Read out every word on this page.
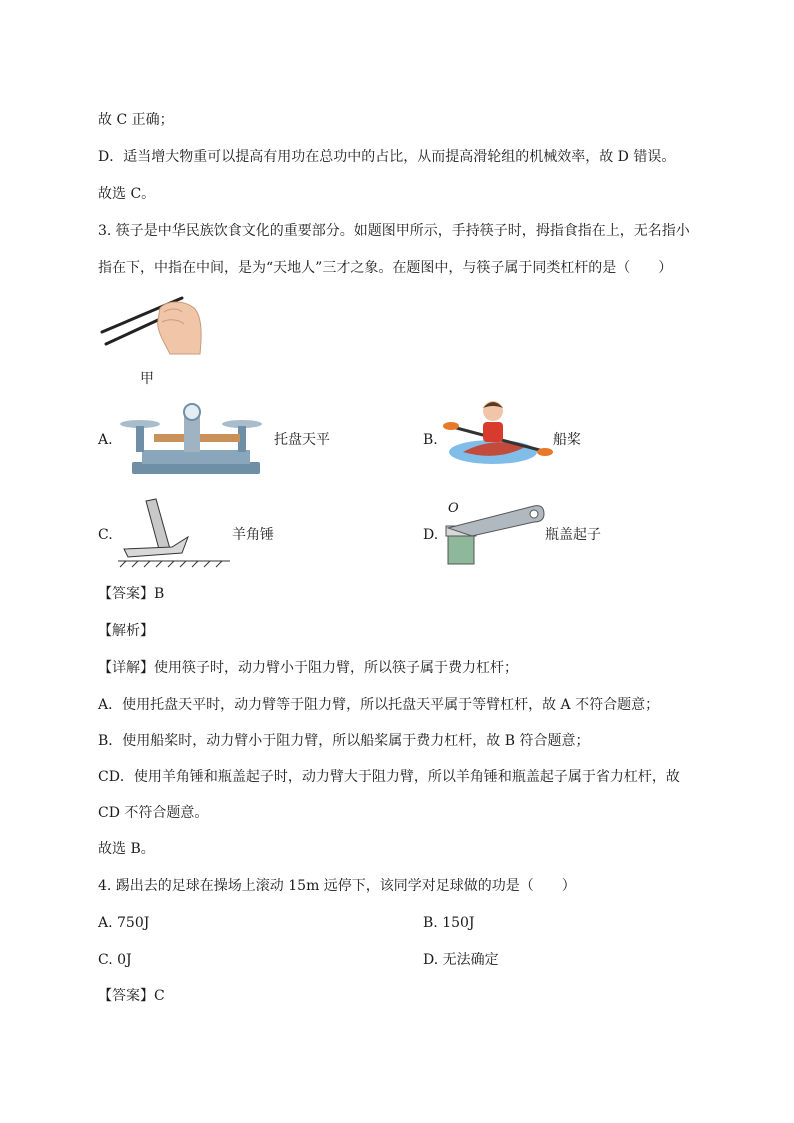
故 C 正确；
D．适当增大物重可以提高有用功在总功中的占比，从而提高滑轮组的机械效率，故 D 错误。
故选 C。
3. 筷子是中华民族饮食文化的重要部分。如题图甲所示，手持筷子时，拇指食指在上，无名指小
指在下，中指在中间，是为“天地人”三才之象。在题图中，与筷子属于同类杠杆的是（　　）
甲
A.	托盘天平	B.	船桨
C.	羊角锤	D.
O
瓶盖起子
【答案】B
【解析】
【详解】使用筷子时，动力臂小于阻力臂，所以筷子属于费力杠杆；
A．使用托盘天平时，动力臂等于阻力臂，所以托盘天平属于等臂杠杆，故 A 不符合题意；
B．使用船桨时，动力臂小于阻力臂，所以船桨属于费力杠杆，故 B 符合题意；
CD．使用羊角锤和瓶盖起子时，动力臂大于阻力臂，所以羊角锤和瓶盖起子属于省力杠杆，故
CD 不符合题意。
故选 B。
4. 踢出去的足球在操场上滚动 15m 远停下，该同学对足球做的功是（　　）
A. 750J	B. 150J
C. 0J	D. 无法确定
【答案】C
